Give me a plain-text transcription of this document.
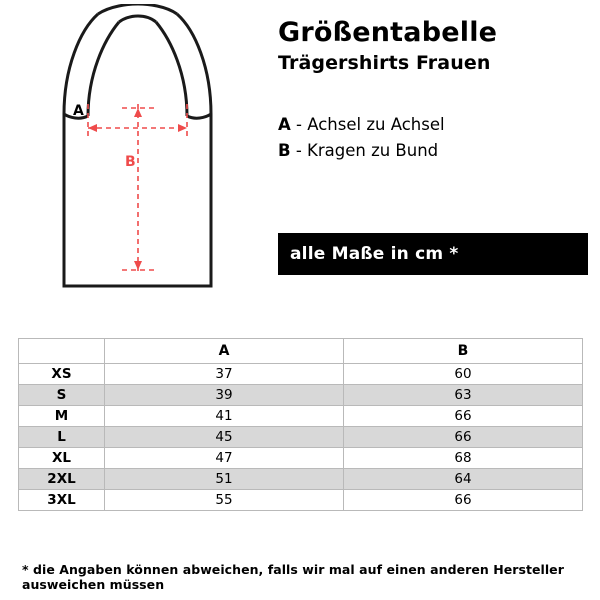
A
B
Größentabelle
Trägershirts Frauen
A - Achsel zu Achsel
B - Kragen zu Bund
alle Maße in cm *
	A	B
XS	37	60
S	39	63
M	41	66
L	45	66
XL	47	68
2XL	51	64
3XL	55	66
* die Angaben können abweichen, falls wir mal auf einen anderen Hersteller ausweichen müssen
